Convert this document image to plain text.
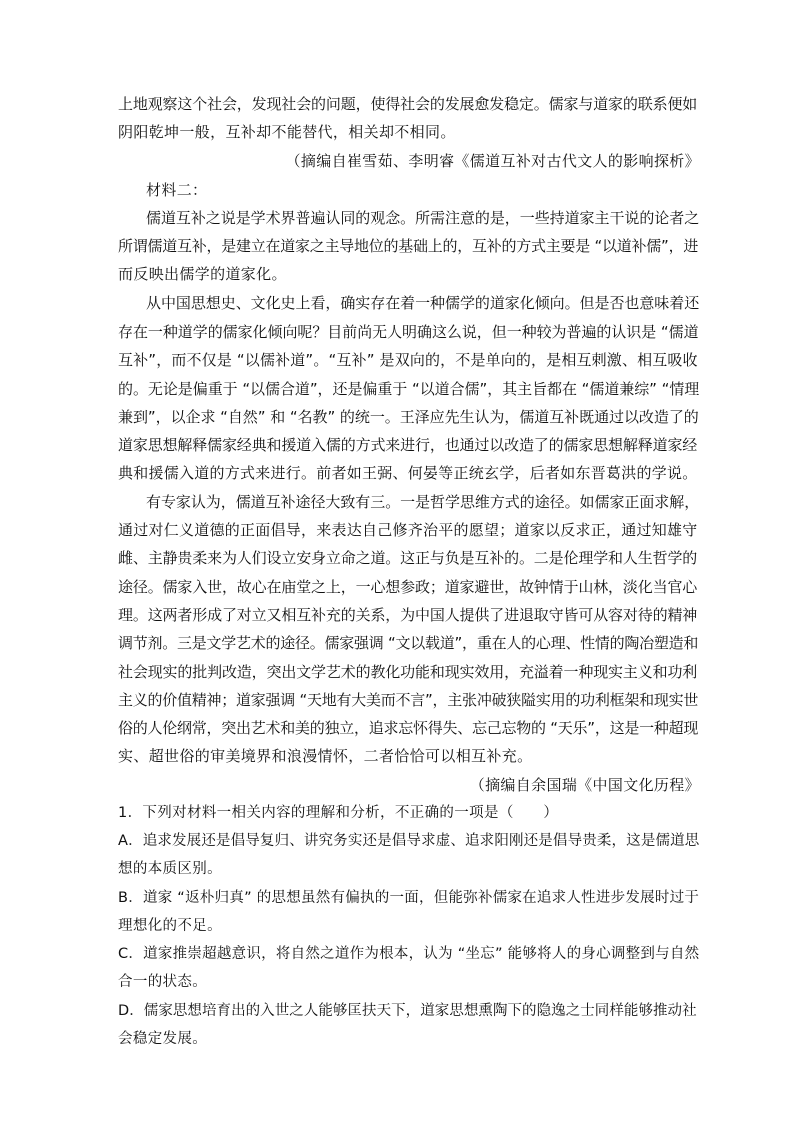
上地观察这个社会，发现社会的问题，使得社会的发展愈发稳定。儒家与道家的联系便如
阴阳乾坤一般，互补却不能替代，相关却不相同。
（摘编自崔雪茹、李明睿《儒道互补对古代文人的影响探析》
材料二：
儒道互补之说是学术界普遍认同的观念。所需注意的是，一些持道家主干说的论者之
所谓儒道互补，是建立在道家之主导地位的基础上的，互补的方式主要是 “以道补儒”，进
而反映出儒学的道家化。
从中国思想史、文化史上看，确实存在着一种儒学的道家化倾向。但是否也意味着还
存在一种道学的儒家化倾向呢？目前尚无人明确这么说，但一种较为普遍的认识是 “儒道
互补”，而不仅是 “以儒补道”。“互补” 是双向的，不是单向的，是相互剌激、相互吸收
的。无论是偏重于 “以儒合道”，还是偏重于 “以道合儒”，其主旨都在 “儒道兼综” “情理
兼到”，以企求 “自然” 和 “名教” 的统一。王泽应先生认为，儒道互补既通过以改造了的
道家思想解释儒家经典和援道入儒的方式来进行，也通过以改造了的儒家思想解释道家经
典和援儒入道的方式来进行。前者如王弼、何晏等正统玄学，后者如东晋葛洪的学说。
有专家认为，儒道互补途径大致有三。一是哲学思维方式的途径。如儒家正面求解，
通过对仁义道德的正面倡导，来表达自己修齐治平的愿望；道家以反求正，通过知雄守
雌、主静贵柔来为人们设立安身立命之道。这正与负是互补的。二是伦理学和人生哲学的
途径。儒家入世，故心在庙堂之上，一心想参政；道家避世，故钟情于山林，淡化当官心
理。这两者形成了对立又相互补充的关系，为中国人提供了进退取守皆可从容对待的精神
调节剂。三是文学艺术的途径。儒家强调 “文以载道”，重在人的心理、性情的陶冶塑造和
社会现实的批判改造，突出文学艺术的教化功能和现实效用，充溢着一种现实主义和功利
主义的价值精神；道家强调 “天地有大美而不言”，主张冲破狭隘实用的功利框架和现实世
俗的人伦纲常，突出艺术和美的独立，追求忘怀得失、忘己忘物的 “天乐”，这是一种超现
实、超世俗的审美境界和浪漫情怀，二者恰恰可以相互补充。
（摘编自余国瑞《中国文化历程》
1．下列对材料一相关内容的理解和分析，不正确的一项是（　　）
A．追求发展还是倡导复归、讲究务实还是倡导求虚、追求阳刚还是倡导贵柔，这是儒道思
想的本质区别。
B．道家 “返朴归真” 的思想虽然有偏执的一面，但能弥补儒家在追求人性进步发展时过于
理想化的不足。
C．道家推崇超越意识，将自然之道作为根本，认为 “坐忘” 能够将人的身心调整到与自然
合一的状态。
D．儒家思想培育出的入世之人能够匡扶天下，道家思想熏陶下的隐逸之士同样能够推动社
会稳定发展。
